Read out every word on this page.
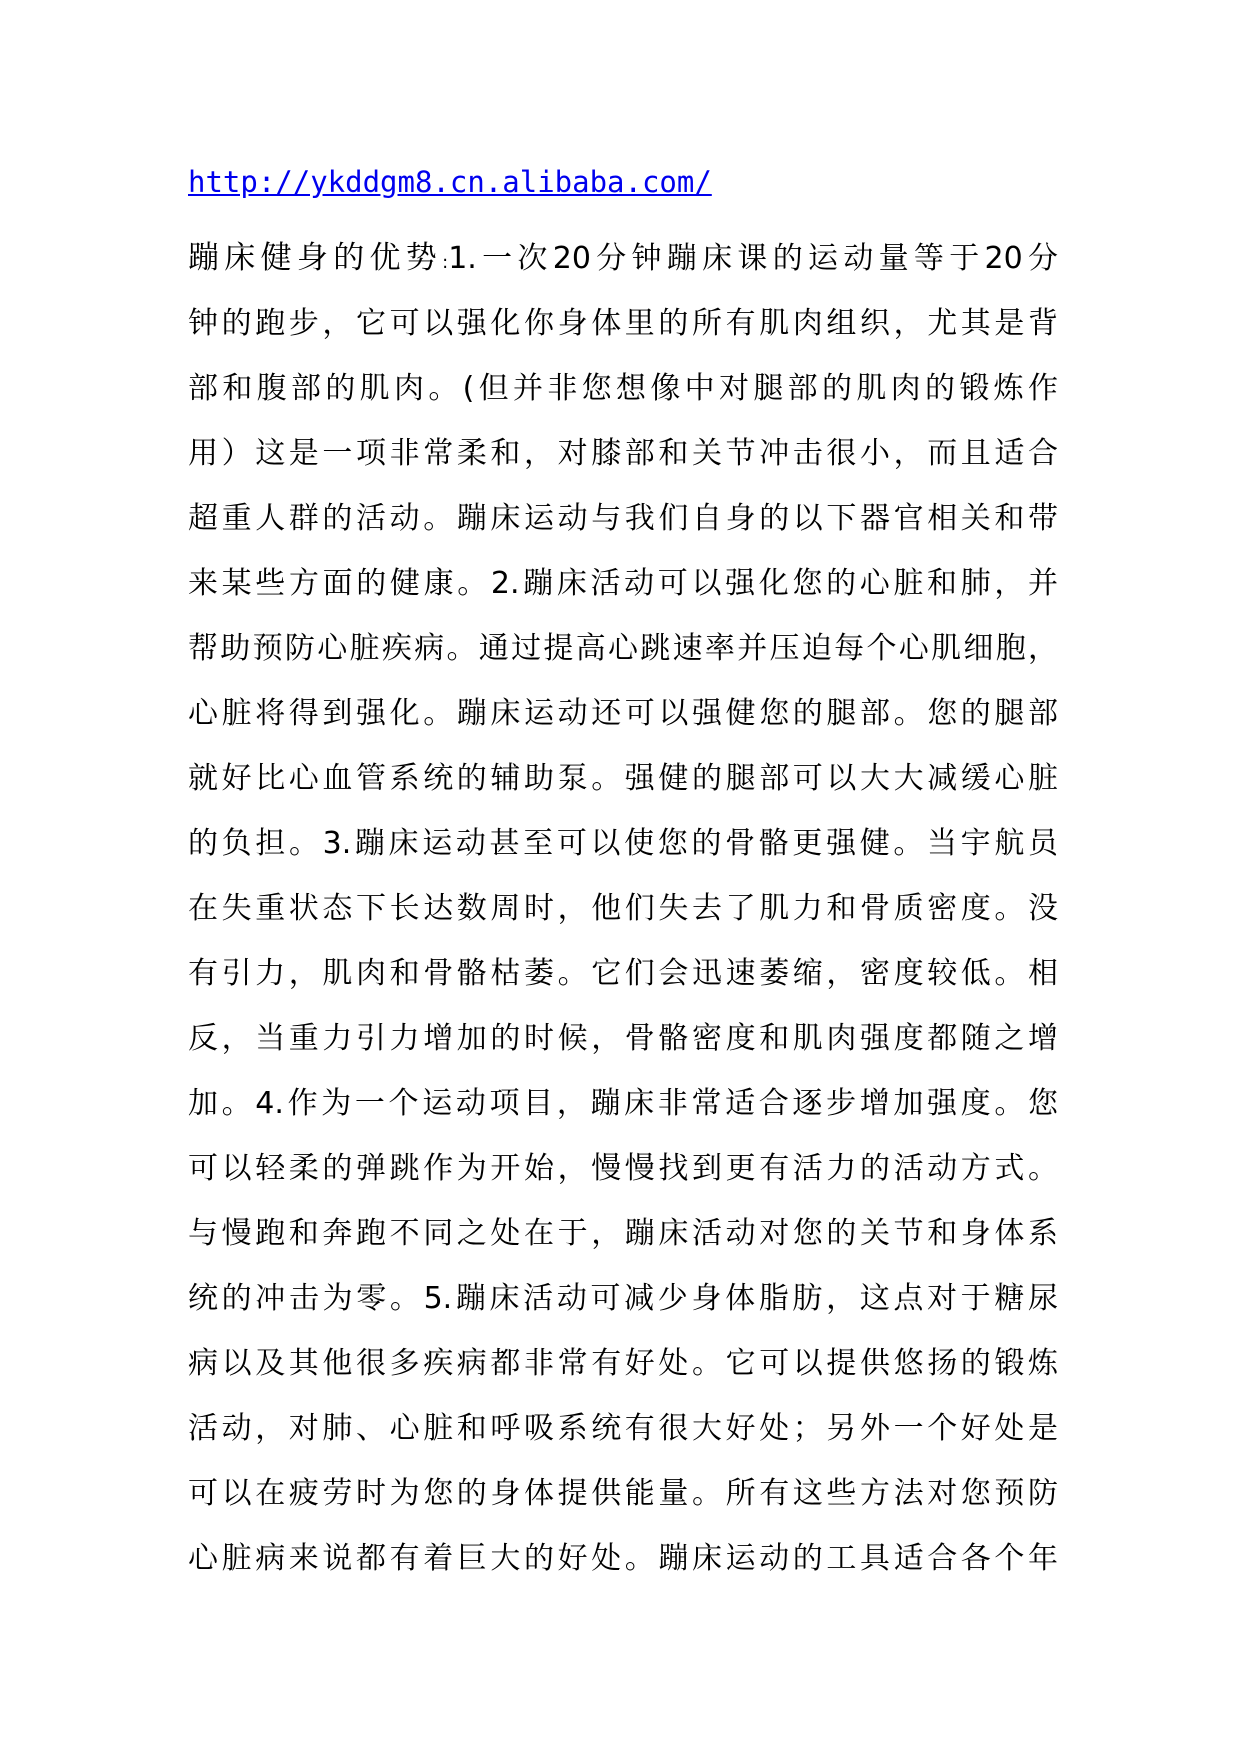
http://ykddgm8.cn.alibaba.com/
蹦床健身的优势:1.一次20分钟蹦床课的运动量等于20分
钟的跑步，它可以强化你身体里的所有肌肉组织，尤其是背
部和腹部的肌肉。(但并非您想像中对腿部的肌肉的锻炼作
用）这是一项非常柔和，对膝部和关节冲击很小，而且适合
超重人群的活动。蹦床运动与我们自身的以下器官相关和带
来某些方面的健康。2.蹦床活动可以强化您的心脏和肺，并
帮助预防心脏疾病。通过提高心跳速率并压迫每个心肌细胞，
心脏将得到强化。蹦床运动还可以强健您的腿部。您的腿部
就好比心血管系统的辅助泵。强健的腿部可以大大减缓心脏
的负担。3.蹦床运动甚至可以使您的骨骼更强健。当宇航员
在失重状态下长达数周时，他们失去了肌力和骨质密度。没
有引力，肌肉和骨骼枯萎。它们会迅速萎缩，密度较低。相
反，当重力引力增加的时候，骨骼密度和肌肉强度都随之增
加。4.作为一个运动项目，蹦床非常适合逐步增加强度。您
可以轻柔的弹跳作为开始，慢慢找到更有活力的活动方式。
与慢跑和奔跑不同之处在于，蹦床活动对您的关节和身体系
统的冲击为零。5.蹦床活动可减少身体脂肪，这点对于糖尿
病以及其他很多疾病都非常有好处。它可以提供悠扬的锻炼
活动，对肺、心脏和呼吸系统有很大好处；另外一个好处是
可以在疲劳时为您的身体提供能量。所有这些方法对您预防
心脏病来说都有着巨大的好处。蹦床运动的工具适合各个年
